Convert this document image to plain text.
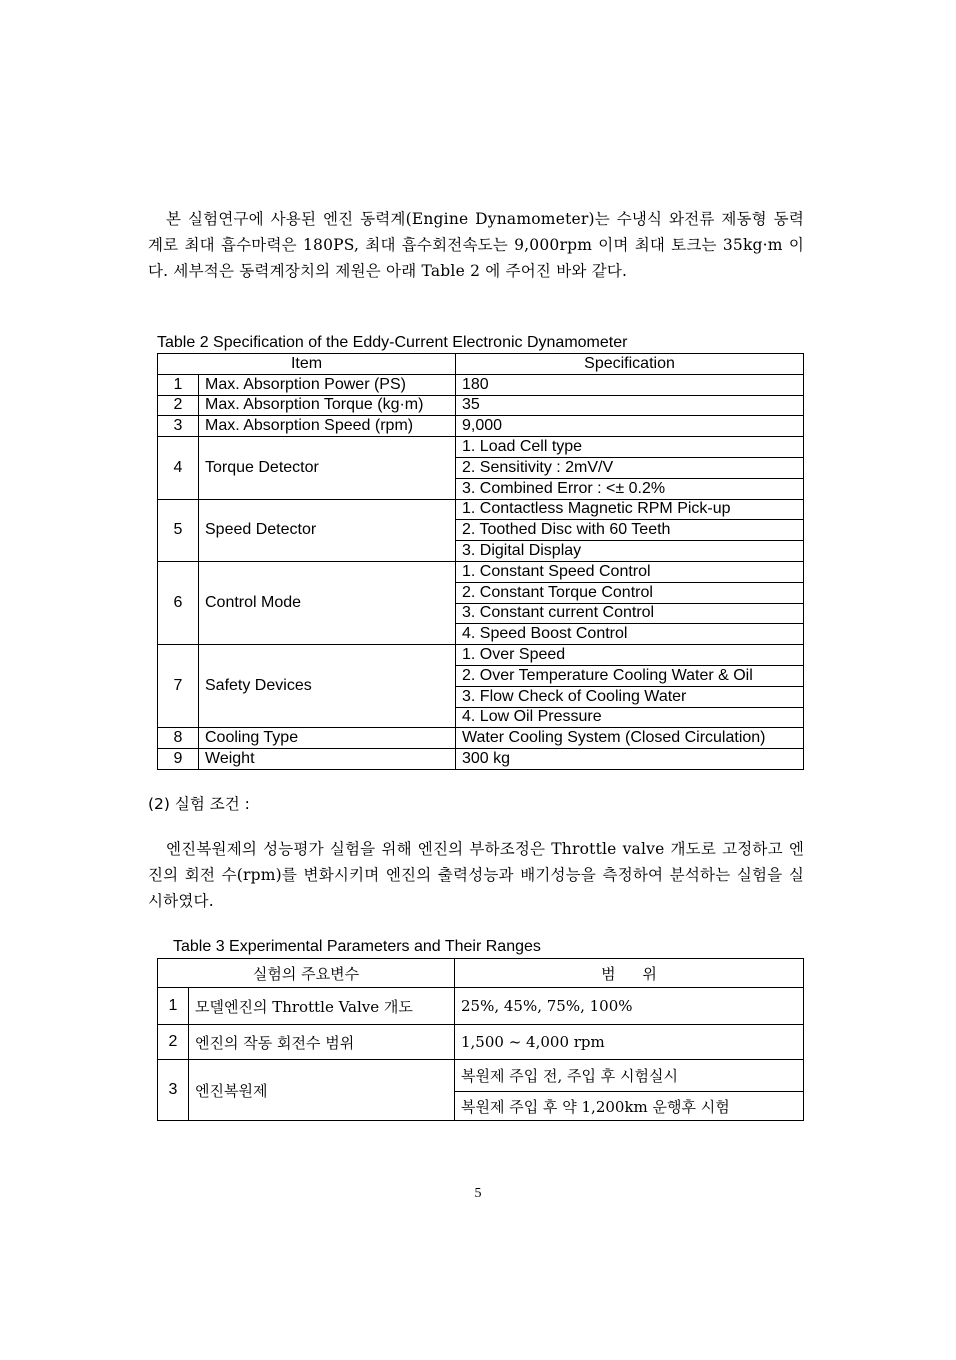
본 실험연구에 사용된 엔진 동력계(Engine Dynamometer)는 수냉식 와전류 제동형 동력계로 최대 흡수마력은 180PS, 최대 흡수회전속도는 9,000rpm 이며 최대 토크는 35kg·m 이다. 세부적은 동력계장치의 제원은 아래 Table 2 에 주어진 바와 같다.
Table 2 Specification of the Eddy-Current Electronic Dynamometer
Item		Specification
1	Max. Absorption Power (PS)	180
2	Max. Absorption Torque (kg·m)	35
3	Max. Absorption Speed (rpm)	9,000
4	Torque Detector	1. Load Cell type
		2. Sensitivity : 2mV/V
		3. Combined Error : <± 0.2%
5	Speed Detector	1. Contactless Magnetic RPM Pick-up
		2. Toothed Disc with 60 Teeth
		3. Digital Display
6	Control Mode	1. Constant Speed Control
		2. Constant Torque Control
		3. Constant current Control
		4. Speed Boost Control
7	Safety Devices	1. Over Speed
		2. Over Temperature Cooling Water & Oil
		3. Flow Check of Cooling Water
		4. Low Oil Pressure
8	Cooling Type	Water Cooling System (Closed Circulation)
9	Weight	300 kg
(2) 실험 조건 :
엔진복원제의 성능평가 실험을 위해 엔진의 부하조정은 Throttle valve 개도로 고정하고 엔진의 회전 수(rpm)를 변화시키며 엔진의 출력성능과 배기성능을 측정하여 분석하는 실험을 실시하였다.
Table 3 Experimental Parameters and Their Ranges
실험의 주요변수		범 위
1	모델엔진의 Throttle Valve 개도	25%, 45%, 75%, 100%
2	엔진의 작동 회전수 범위	1,500 ~ 4,000 rpm
3	엔진복원제	복원제 주입 전, 주입 후 시험실시
		복원제 주입 후 약 1,200km 운행후 시험
5
